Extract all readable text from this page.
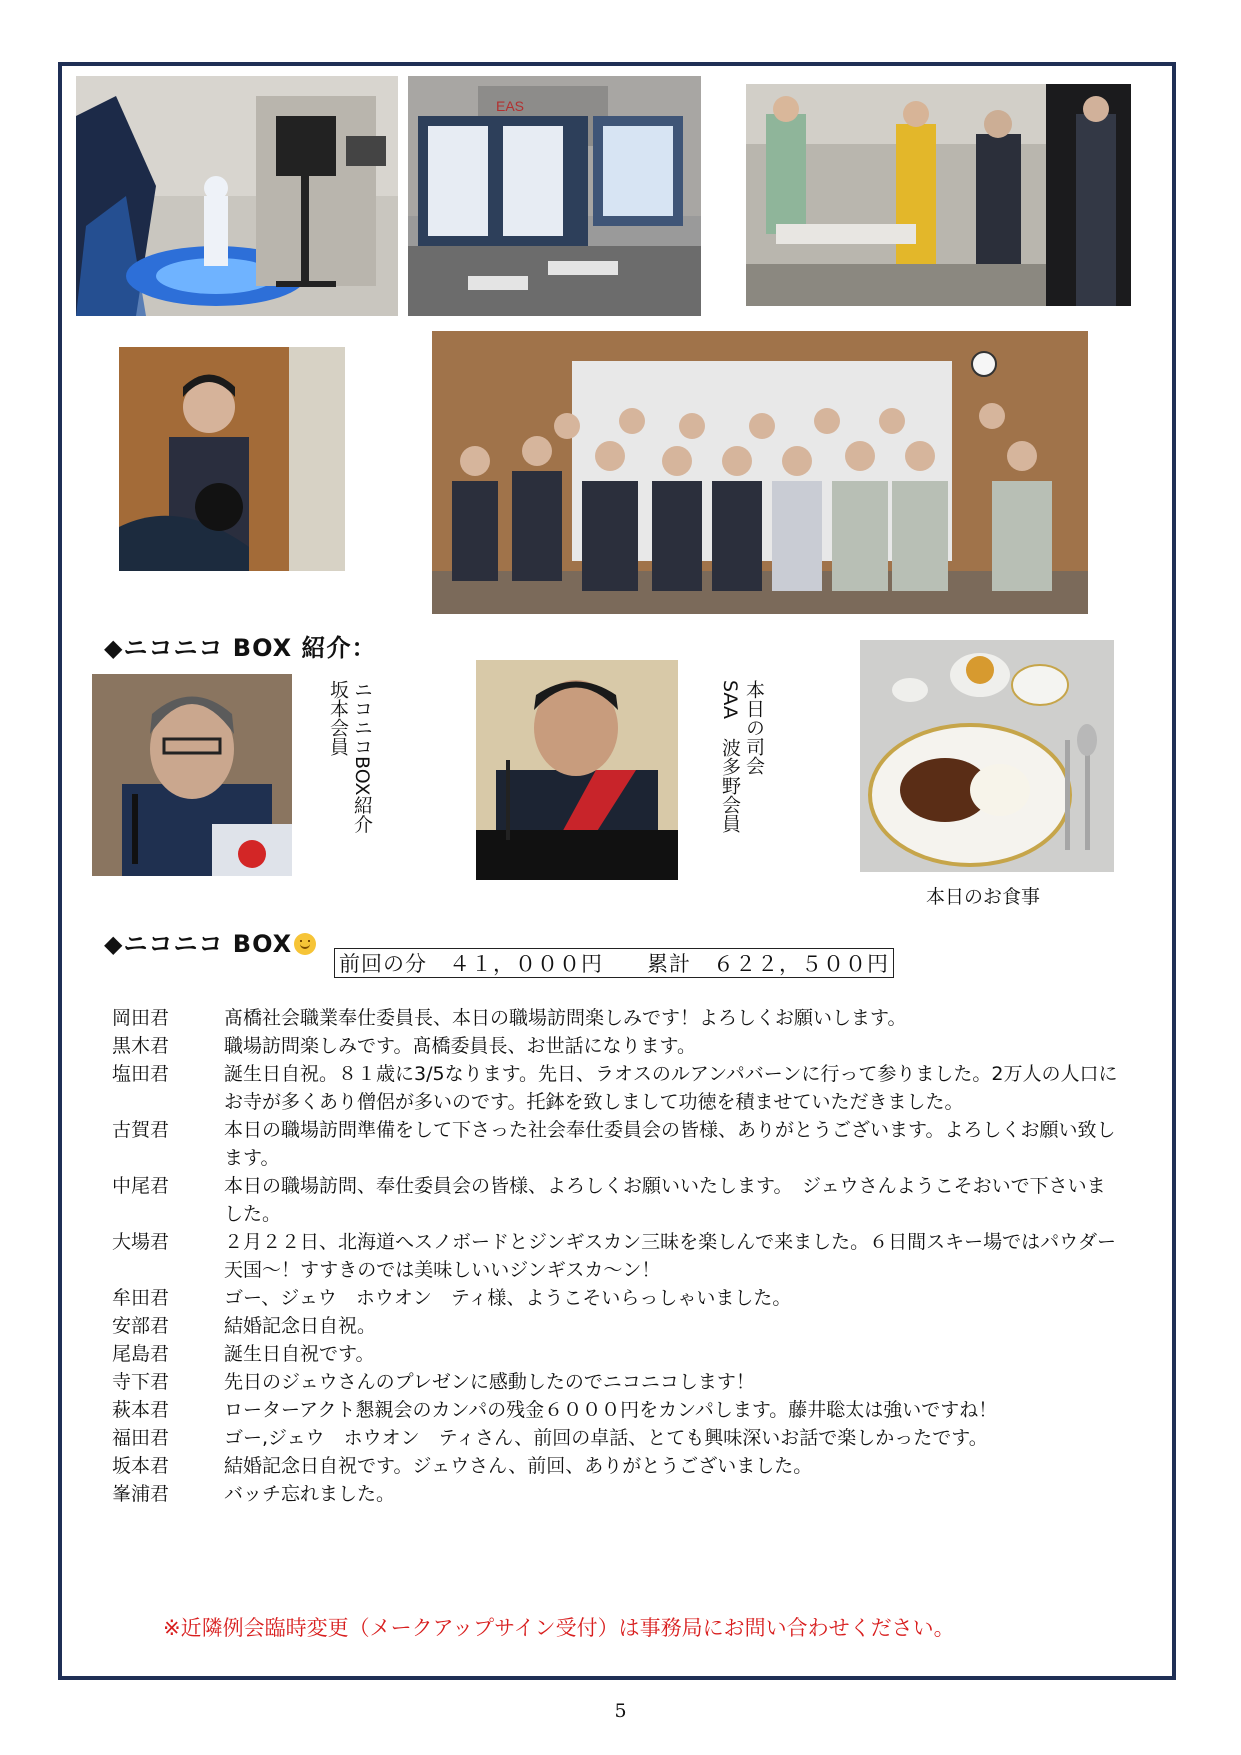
EAS
◆ニコニコ BOX 紹介：
ニコニコBOX紹介
坂本会員	本日の司会
SAA　波多野会員
本日のお食事
◆ニコニコ BOX
前回の分　４１，０００円　　累計　６２２，５００円
岡田君	髙橋社会職業奉仕委員長、本日の職場訪問楽しみです！よろしくお願いします。
黒木君	職場訪問楽しみです。髙橋委員長、お世話になります。
塩田君	誕生日自祝。８１歳に3/5なります。先日、ラオスのルアンパバーンに行って参りました。2万人の人口にお寺が多くあり僧侶が多いのです。托鉢を致しまして功徳を積ませていただきました。
古賀君	本日の職場訪問準備をして下さった社会奉仕委員会の皆様、ありがとうございます。よろしくお願い致します。
中尾君	本日の職場訪問、奉仕委員会の皆様、よろしくお願いいたします。　ジェウさんようこそおいで下さいました。
大場君	２月２２日、北海道へスノボードとジンギスカン三昧を楽しんで来ました。６日間スキー場ではパウダー天国～！すすきのでは美味しいいジンギスカ～ン！
牟田君	ゴー、ジェウ　ホウオン　ティ様、ようこそいらっしゃいました。
安部君	結婚記念日自祝。
尾島君	誕生日自祝です。
寺下君	先日のジェウさんのプレゼンに感動したのでニコニコします！
萩本君	ローターアクト懇親会のカンパの残金６０００円をカンパします。藤井聡太は強いですね！
福田君	ゴー,ジェウ　ホウオン　ティさん、前回の卓話、とても興味深いお話で楽しかったです。
坂本君	結婚記念日自祝です。ジェウさん、前回、ありがとうございました。
峯浦君	バッチ忘れました。
※近隣例会臨時変更（メークアップサイン受付）は事務局にお問い合わせください。
5
